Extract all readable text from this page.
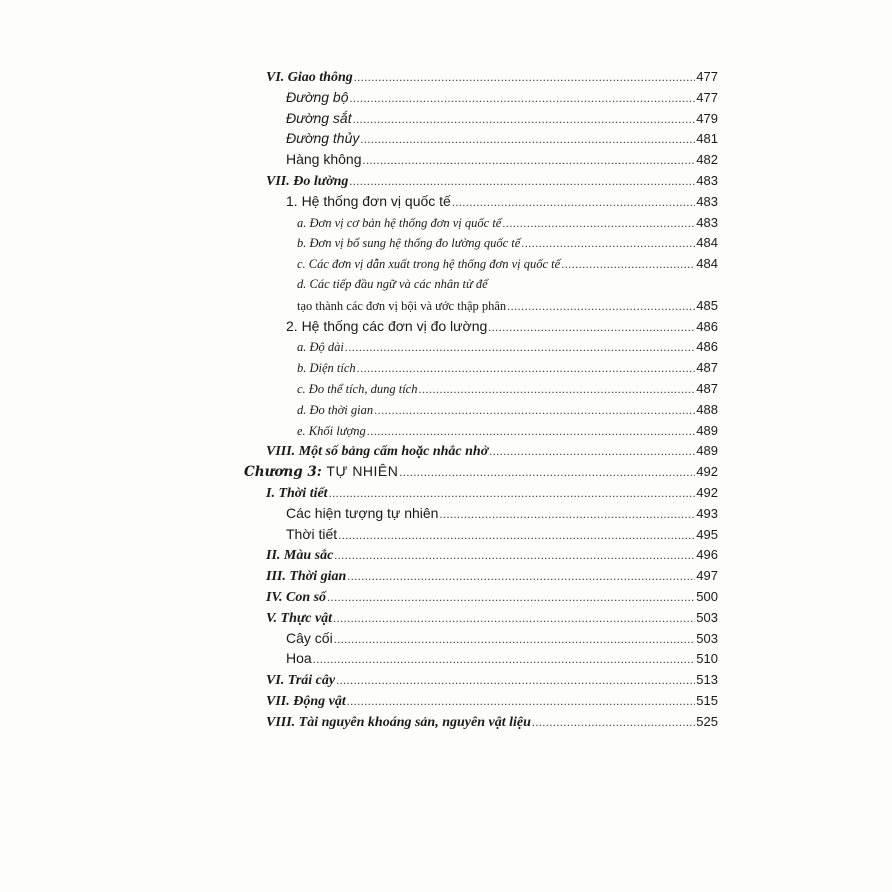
VI. Giao thông .....	477
Đường bộ .....	477
Đường sắt .....	479
Đường thủy .....	481
Hàng không .....	482
VII. Đo lường .....	483
1. Hệ thống đơn vị quốc tế .....	483
a. Đơn vị cơ bản hệ thống đơn vị quốc tế .....	483
b. Đơn vị bổ sung hệ thống đo lường quốc tế .....	484
c. Các đơn vị dẫn xuất trong hệ thống đơn vị quốc tế .....	484
d. Các tiếp đầu ngữ và các nhân tử để
tạo thành các đơn vị bội và ước thập phân .....	485
2. Hệ thống các đơn vị đo lường .....	486
a. Độ dài .....	486
b. Diện tích .....	487
c. Đo thể tích, dung tích .....	487
d. Đo thời gian .....	488
e. Khối lượng .....	489
VIII. Một số bảng cấm hoặc nhắc nhở .....	489
Chương 3: TỰ NHIÊN .....	492
I. Thời tiết .....	492
Các hiện tượng tự nhiên .....	493
Thời tiết .....	495
II. Màu sắc .....	496
III. Thời gian .....	497
IV. Con số .....	500
V. Thực vật .....	503
Cây cối .....	503
Hoa .....	510
VI. Trái cây .....	513
VII. Động vật .....	515
VIII. Tài nguyên khoáng sản, nguyên vật liệu .....	525
